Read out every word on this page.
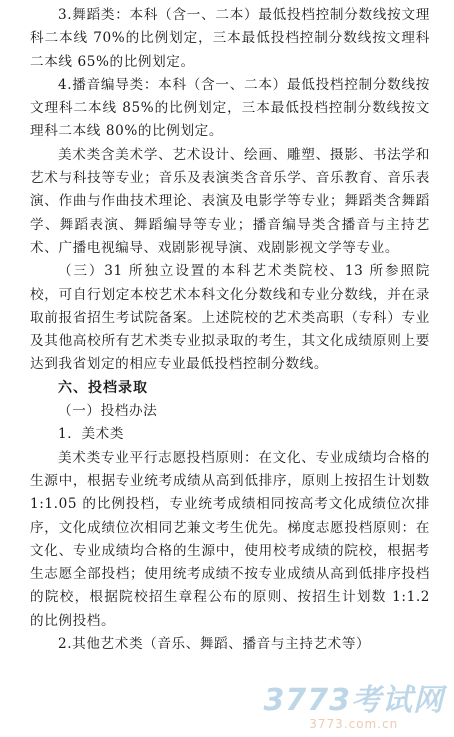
3.舞蹈类：本科（含一、二本）最低投档控制分数线按文理科二本线 70%的比例划定，三本最低投档控制分数线按文理科二本线 65%的比例划定。

4.播音编导类：本科（含一、二本）最低投档控制分数线按文理科二本线 85%的比例划定，三本最低投档控制分数线按文理科二本线 80%的比例划定。

美术类含美术学、艺术设计、绘画、雕塑、摄影、书法学和艺术与科技等专业；音乐及表演类含音乐学、音乐教育、音乐表演、作曲与作曲技术理论、表演及电影学等专业；舞蹈类含舞蹈学、舞蹈表演、舞蹈编导等专业；播音编导类含播音与主持艺术、广播电视编导、戏剧影视导演、戏剧影视文学等专业。

（三）31 所独立设置的本科艺术类院校、13 所参照院校，可自行划定本校艺术本科文化分数线和专业分数线，并在录取前报省招生考试院备案。上述院校的艺术类高职（专科）专业及其他高校所有艺术类专业拟录取的考生，其文化成绩原则上要达到我省划定的相应专业最低投档控制分数线。

六、投档录取

（一）投档办法

1．美术类

美术类专业平行志愿投档原则：在文化、专业成绩均合格的生源中，根据专业统考成绩从高到低排序，原则上按招生计划数 1:1.05 的比例投档，专业统考成绩相同按高考文化成绩位次排序，文化成绩位次相同艺兼文考生优先。梯度志愿投档原则：在文化、专业成绩均合格的生源中，使用校考成绩的院校，根据考生志愿全部投档；使用统考成绩不按专业成绩从高到低排序投档的院校，根据院校招生章程公布的原则、按招生计划数 1:1.2 的比例投档。

2.其他艺术类（音乐、舞蹈、播音与主持艺术等）

3773考试网
3773.com.cn
